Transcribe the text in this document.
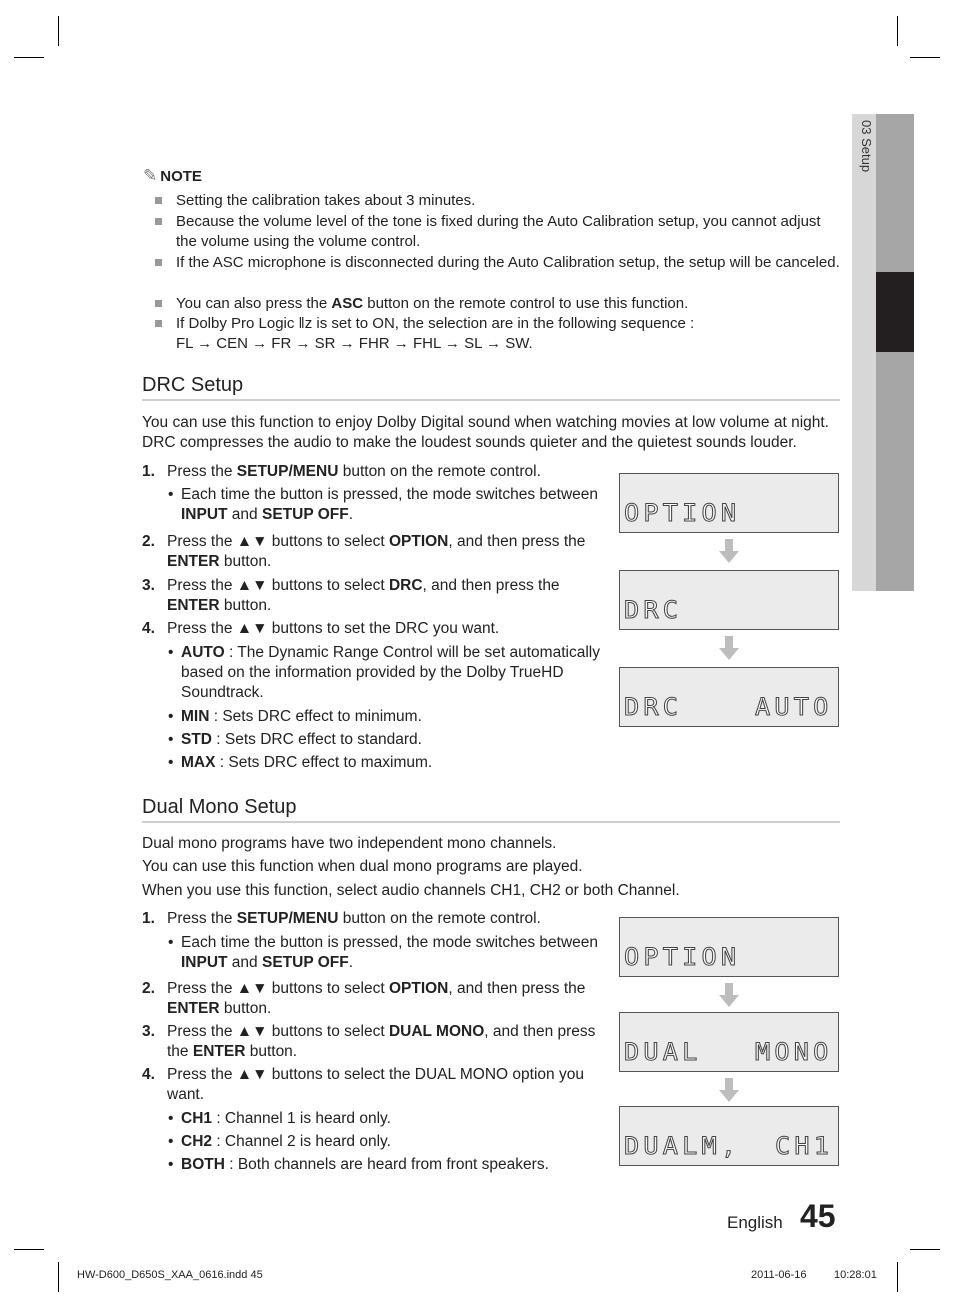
03 Setup
✎ NOTE
Setting the calibration takes about 3 minutes.
Because the volume level of the tone is fixed during the Auto Calibration setup, you cannot adjust the volume using the volume control.
If the ASC microphone is disconnected during the Auto Calibration setup, the setup will be canceled.
You can also press the ASC button on the remote control to use this function.
If Dolby Pro Logic ‖z is set to ON, the selection are in the following sequence :
FL → CEN → FR → SR → FHR → FHL → SL → SW.
DRC Setup
You can use this function to enjoy Dolby Digital sound when watching movies at low volume at night.
DRC compresses the audio to make the loudest sounds quieter and the quietest sounds louder.
1. Press the SETUP/MENU button on the remote control.
• Each time the button is pressed, the mode switches between INPUT and SETUP OFF.
2. Press the ▲▼ buttons to select OPTION, and then press the ENTER button.
3. Press the ▲▼ buttons to select DRC, and then press the ENTER button.
4. Press the ▲▼ buttons to set the DRC you want.
• AUTO : The Dynamic Range Control will be set automatically based on the information provided by the Dolby TrueHD Soundtrack.
• MIN : Sets DRC effect to minimum.
• STD : Sets DRC effect to standard.
• MAX : Sets DRC effect to maximum.
OPTION
DRC
DRC	AUTO
Dual Mono Setup
Dual mono programs have two independent mono channels.
You can use this function when dual mono programs are played.
When you use this function, select audio channels CH1, CH2 or both Channel.
1. Press the SETUP/MENU button on the remote control.
• Each time the button is pressed, the mode switches between INPUT and SETUP OFF.
2. Press the ▲▼ buttons to select OPTION, and then press the ENTER button.
3. Press the ▲▼ buttons to select DUAL MONO, and then press the ENTER button.
4. Press the ▲▼ buttons to select the DUAL MONO option you want.
• CH1 : Channel 1 is heard only.
• CH2 : Channel 2 is heard only.
• BOTH : Both channels are heard from front speakers.
OPTION
DUAL MONO
DUALM, CH1
English 45
HW-D600_D650S_XAA_0616.indd 45	2011-06-16	10:28:01
